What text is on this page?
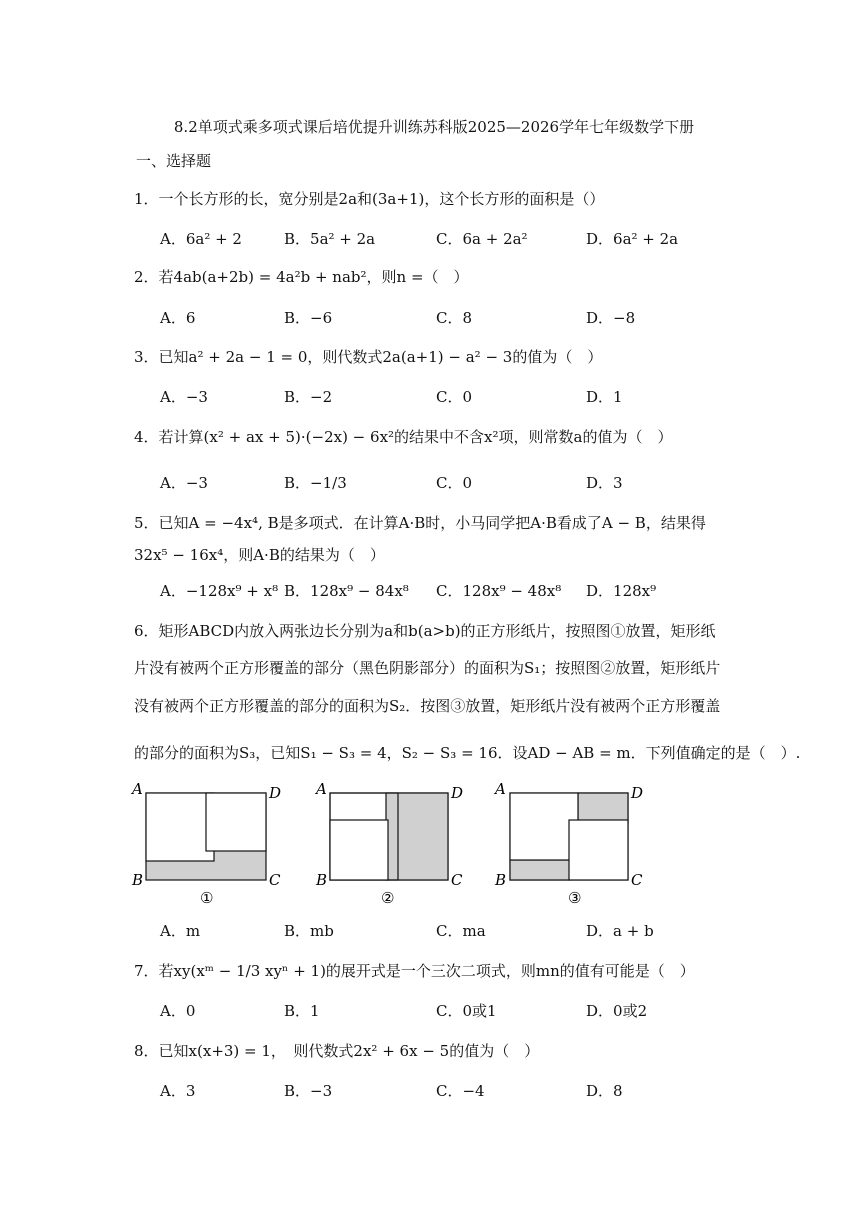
8.2单项式乘多项式课后培优提升训练苏科版2025—2026学年七年级数学下册
一、选择题
1．一个长方形的长，宽分别是2a和(3a+1)，这个长方形的面积是（）
A．6a² + 2	B．5a² + 2a	C．6a + 2a²	D．6a² + 2a
2．若4ab(a+2b) = 4a²b + nab²，则n =（　）
A．6	B．−6	C．8	D．−8
3．已知a² + 2a − 1 = 0，则代数式2a(a+1) − a² − 3的值为（　）
A．−3	B．−2	C．0	D．1
4．若计算(x² + ax + 5)·(−2x) − 6x²的结果中不含x²项，则常数a的值为（　）
A．−3	B．−1/3	C．0	D．3
5．已知A = −4x⁴, B是多项式．在计算A·B时，小马同学把A·B看成了A − B，结果得
32x⁵ − 16x⁴，则A·B的结果为（　）
A．−128x⁹ + x⁸ B．128x⁹ − 84x⁸ C．128x⁹ − 48x⁸ D．128x⁹
6．矩形ABCD内放入两张边长分别为a和b(a>b)的正方形纸片，按照图①放置，矩形纸
片没有被两个正方形覆盖的部分（黑色阴影部分）的面积为S₁；按照图②放置，矩形纸片
没有被两个正方形覆盖的部分的面积为S₂．按图③放置，矩形纸片没有被两个正方形覆盖
的部分的面积为S₃，已知S₁ − S₃ = 4，S₂ − S₃ = 16．设AD − AB = m．下列值确定的是（　）.
A	D
B	C
①
A	D
B	C
②
A	D
B	C
③
A．m	B．mb	C．ma	D．a + b
7．若xy(xᵐ − 1/3 xyⁿ + 1)的展开式是一个三次二项式，则mn的值有可能是（　）
A．0	B．1	C．0或1	D．0或2
8．已知x(x+3) = 1，　则代数式2x² + 6x − 5的值为（　）
A．3	B．−3	C．−4	D．8
